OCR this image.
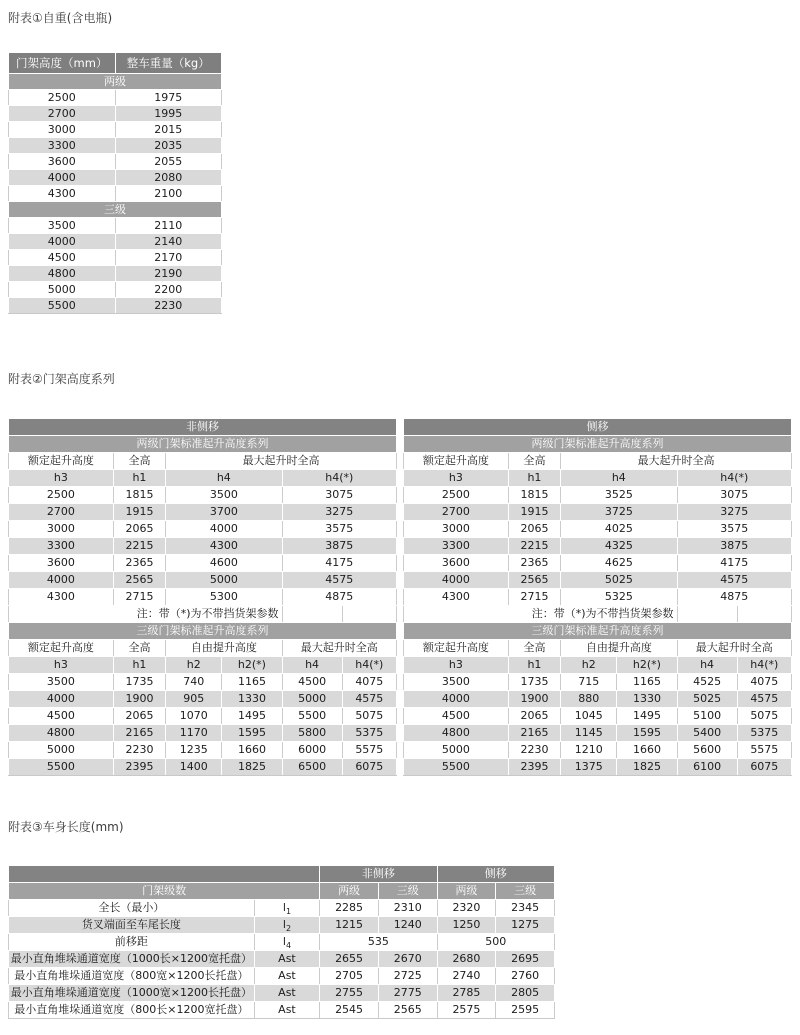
附表①自重(含电瓶)
门架高度（mm）	整车重量（kg）
两级	
2500	1975
2700	1995
3000	2015
3300	2035
3600	2055
4000	2080
4300	2100
三级	
3500	2110
4000	2140
4500	2170
4800	2190
5000	2200
5500	2230
附表②门架高度系列
非侧移					
两级门架标准起升高度系列					
额定起升高度	全高	最大起升时全高			
h3	h1	h4		h4(*)	
2500	1815	3500		3075	
2700	1915	3700		3275	
3000	2065	4000		3575	
3300	2215	4300		3875	
3600	2365	4600		4175	
4000	2565	5000		4575	
4300	2715	5300		4875	
注：带（*)为不带挡货架参数					
三级门架标准起升高度系列					
额定起升高度	全高	自由提升高度		最大起升时全高	
h3	h1	h2	h2(*)	h4	h4(*)
3500	1735	740	1165	4500	4075
4000	1900	905	1330	5000	4575
4500	2065	1070	1495	5500	5075
4800	2165	1170	1595	5800	5375
5000	2230	1235	1660	6000	5575
5500	2395	1400	1825	6500	6075
侧移					
两级门架标准起升高度系列					
额定起升高度	全高	最大起升时全高			
h3	h1	h4		h4(*)	
2500	1815	3525		3075	
2700	1915	3725		3275	
3000	2065	4025		3575	
3300	2215	4325		3875	
3600	2365	4625		4175	
4000	2565	5025		4575	
4300	2715	5325		4875	
注：带（*)为不带挡货架参数					
三级门架标准起升高度系列					
额定起升高度	全高	自由提升高度		最大起升时全高	
h3	h1	h2	h2(*)	h4	h4(*)
3500	1735	715	1165	4525	4075
4000	1900	880	1330	5025	4575
4500	2065	1045	1495	5100	5075
4800	2165	1145	1595	5400	5375
5000	2230	1210	1660	5600	5575
5500	2395	1375	1825	6100	6075
附表③车身长度(mm)
		非侧移		侧移	
门架级数		两级	三级	两级	三级
全长（最小）	$l_1$	2285	2310	2320	2345
货叉端面至车尾长度	$l_2$	1215	1240	1250	1275
前移距	$l_4$	535		500	
最小直角堆垛通道宽度（1000长×1200宽托盘）	Ast	2655	2670	2680	2695
最小直角堆垛通道宽度（800宽×1200长托盘）	Ast	2705	2725	2740	2760
最小直角堆垛通道宽度（1000宽×1200长托盘）	Ast	2755	2775	2785	2805
最小直角堆垛通道宽度（800长×1200宽托盘）	Ast	2545	2565	2575	2595
